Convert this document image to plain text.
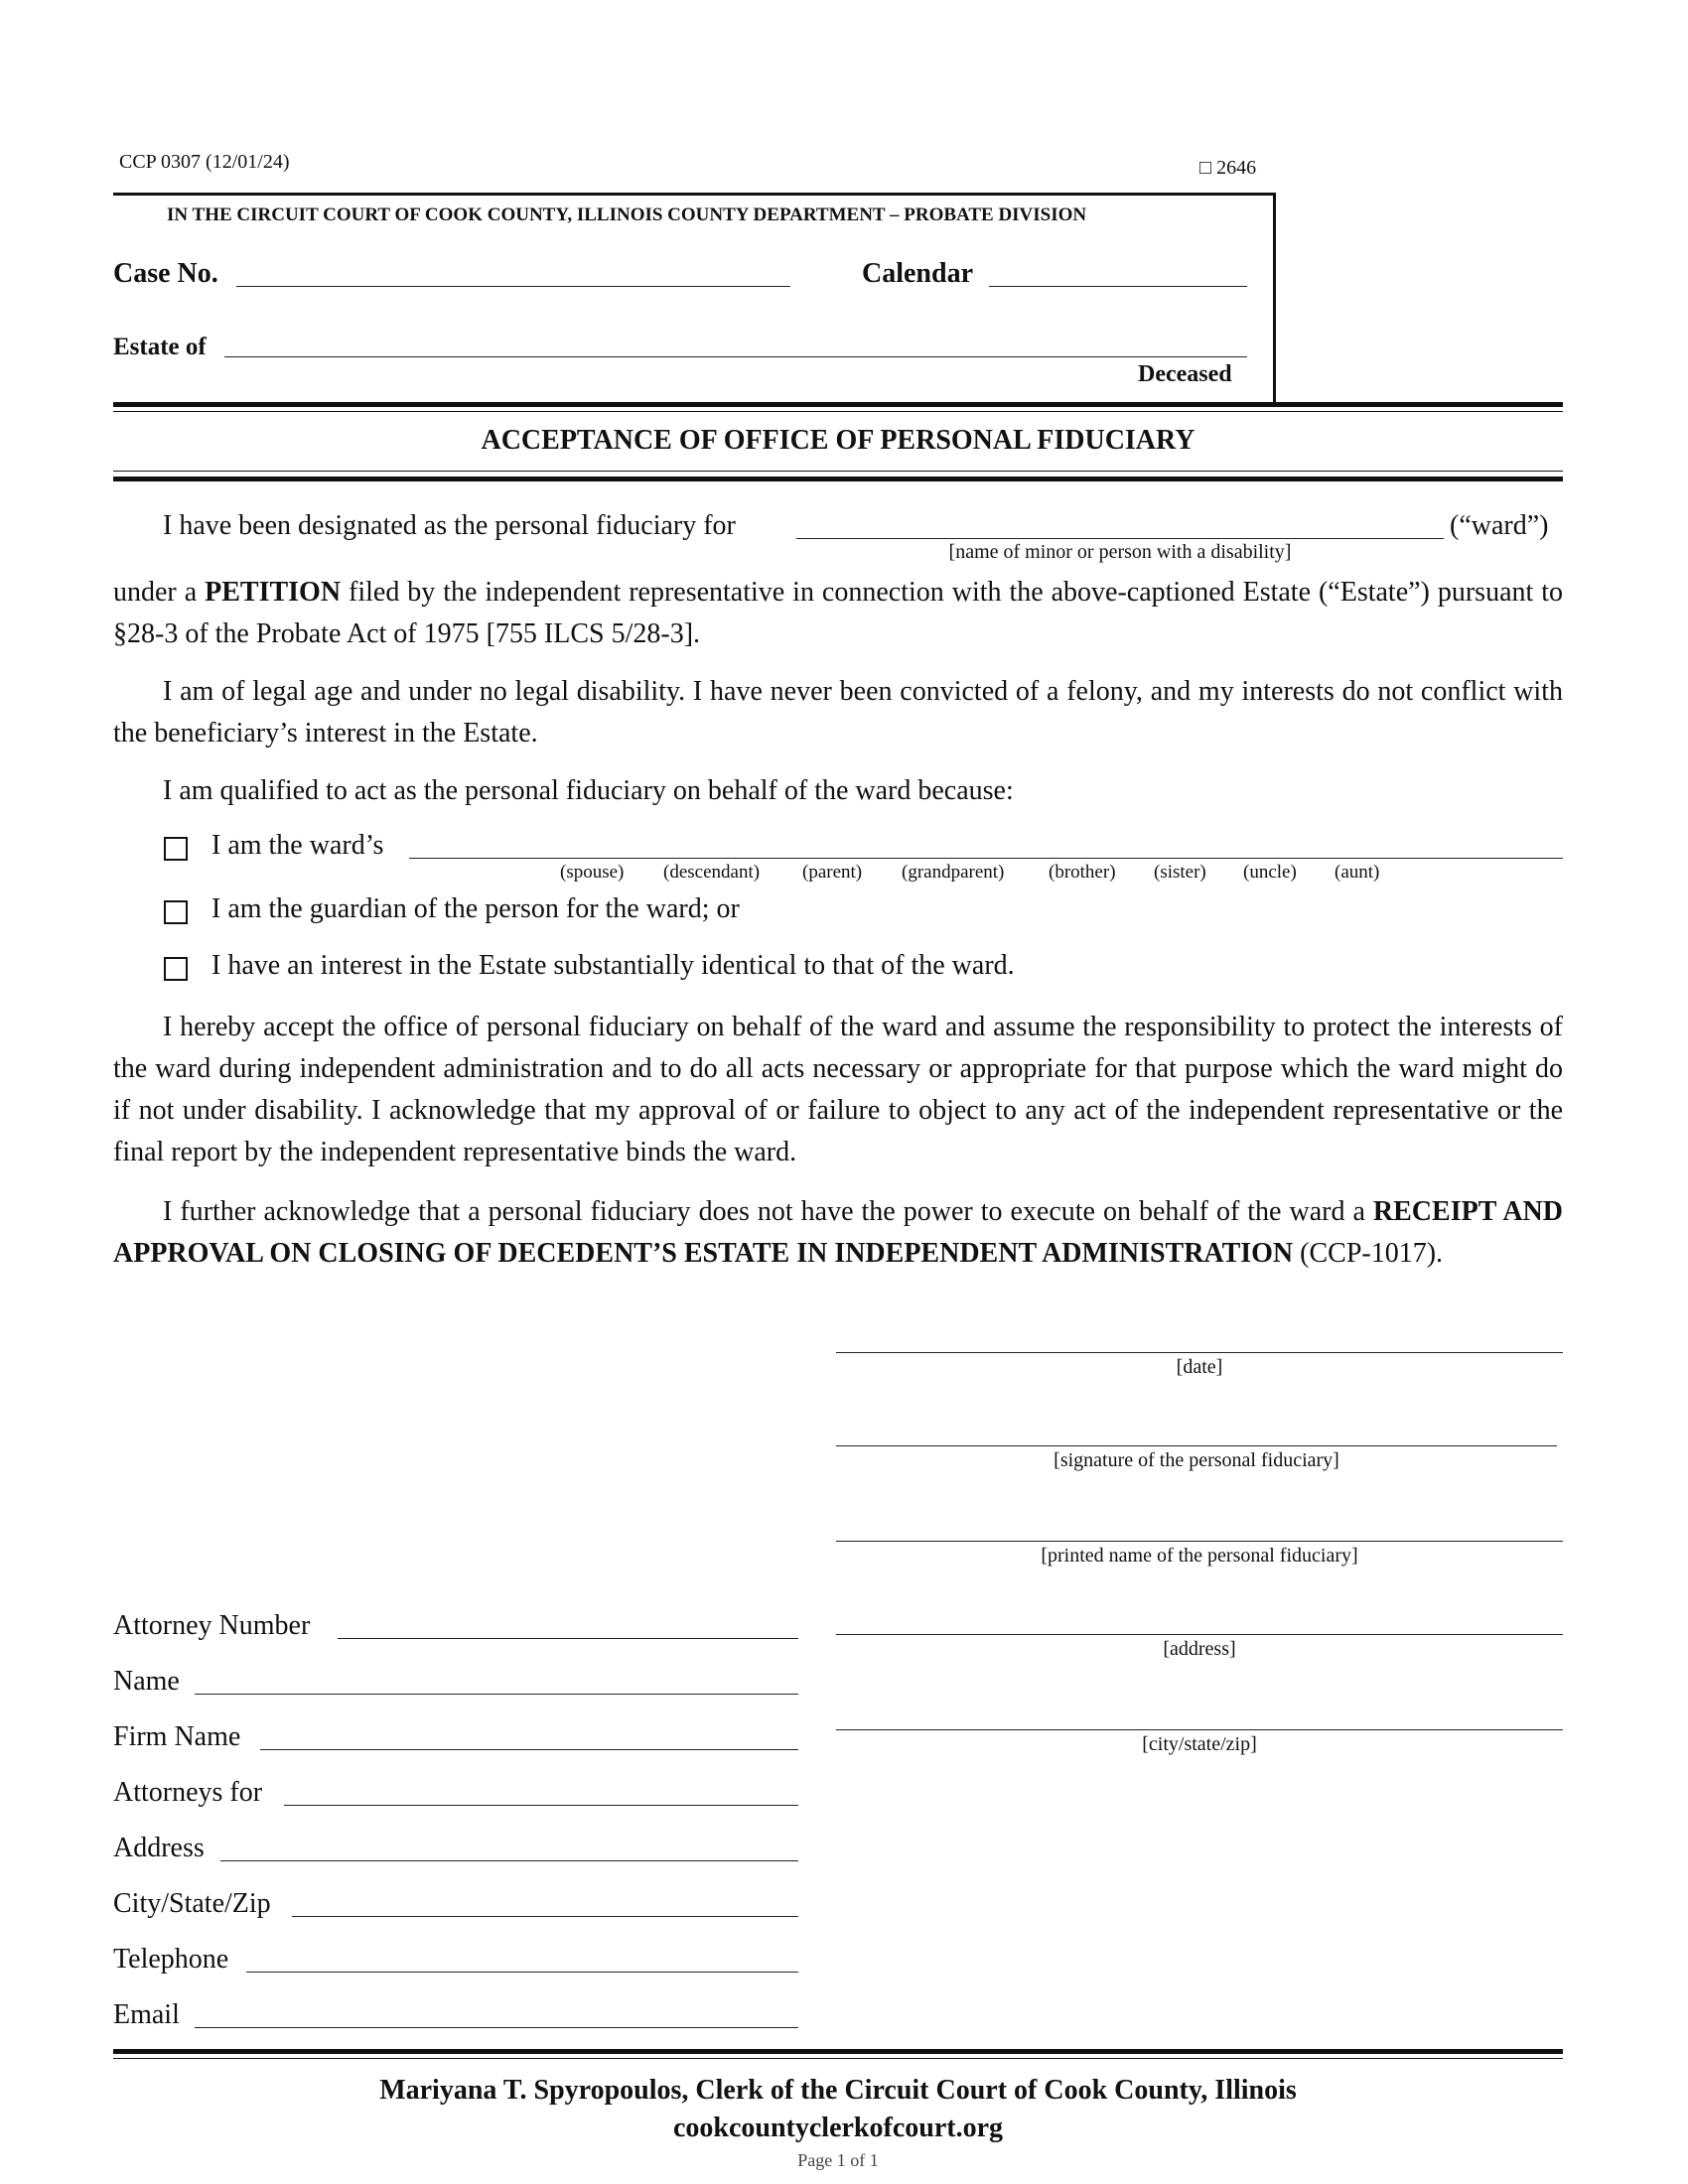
CCP 0307 (12/01/24)	□ 2646
IN THE CIRCUIT COURT OF COOK COUNTY, ILLINOIS COUNTY DEPARTMENT – PROBATE DIVISION
Case No.	Calendar
Estate of
Deceased
ACCEPTANCE OF OFFICE OF PERSONAL FIDUCIARY
I have been designated as the personal fiduciary for
[name of minor or person with a disability]
(“ward”)
under a PETITION filed by the independent representative in connection with the above-captioned Estate (“Estate”) pursuant to §28-3 of the Probate Act of 1975 [755 ILCS 5/28-3].
I am of legal age and under no legal disability. I have never been convicted of a felony, and my interests do not conflict with the beneficiary’s interest in the Estate.
I am qualified to act as the personal fiduciary on behalf of the ward because:
I am the ward’s
(spouse) (descendant) (parent) (grandparent) (brother) (sister) (uncle) (aunt)
I am the guardian of the person for the ward; or
I have an interest in the Estate substantially identical to that of the ward.
I hereby accept the office of personal fiduciary on behalf of the ward and assume the responsibility to protect the interests of the ward during independent administration and to do all acts necessary or appropriate for that purpose which the ward might do if not under disability. I acknowledge that my approval of or failure to object to any act of the independent representative or the final report by the independent representative binds the ward.
I further acknowledge that a personal fiduciary does not have the power to execute on behalf of the ward a RECEIPT AND APPROVAL ON CLOSING OF DECEDENT’S ESTATE IN INDEPENDENT ADMINISTRATION (CCP-1017).
[date]
[signature of the personal fiduciary]
[printed name of the personal fiduciary]
[address]
[city/state/zip]
Attorney Number
Name
Firm Name
Attorneys for
Address
City/State/Zip
Telephone
Email
Mariyana T. Spyropoulos, Clerk of the Circuit Court of Cook County, Illinois
cookcountyclerkofcourt.org
Page 1 of 1
